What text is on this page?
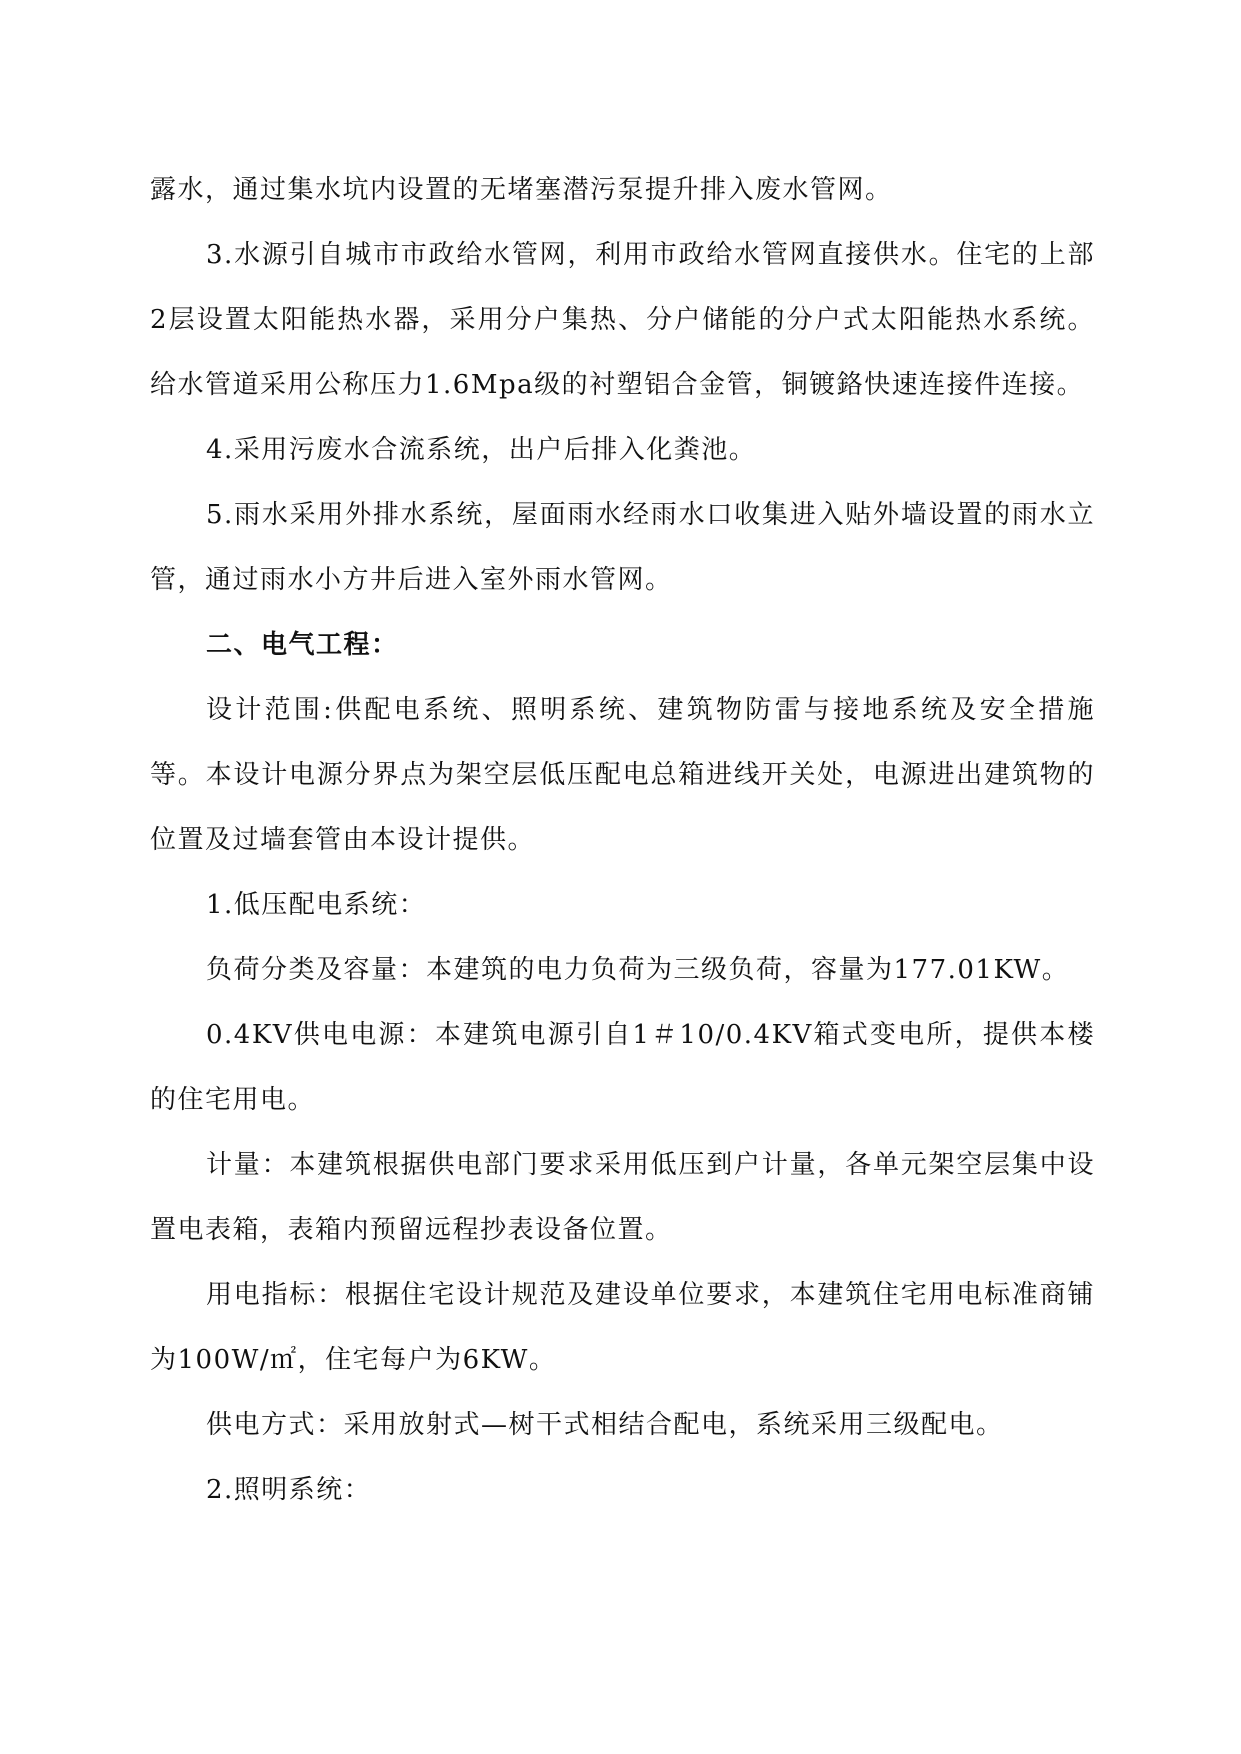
露水，通过集水坑内设置的无堵塞潜污泵提升排入废水管网。

3.水源引自城市市政给水管网，利用市政给水管网直接供水。住宅的上部2层设置太阳能热水器，采用分户集热、分户储能的分户式太阳能热水系统。给水管道采用公称压力1.6Mpa级的衬塑铝合金管，铜镀鉻快速连接件连接。

4.采用污废水合流系统，出户后排入化粪池。

5.雨水采用外排水系统，屋面雨水经雨水口收集进入贴外墙设置的雨水立管，通过雨水小方井后进入室外雨水管网。

二、电气工程：

设计范围:供配电系统、照明系统、建筑物防雷与接地系统及安全措施等。本设计电源分界点为架空层低压配电总箱进线开关处，电源进出建筑物的位置及过墙套管由本设计提供。

1.低压配电系统：

负荷分类及容量：本建筑的电力负荷为三级负荷，容量为177.01KW。

0.4KV供电电源：本建筑电源引自1＃10/0.4KV箱式变电所，提供本楼的住宅用电。

计量：本建筑根据供电部门要求采用低压到户计量，各单元架空层集中设置电表箱，表箱内预留远程抄表设备位置。

用电指标：根据住宅设计规范及建设单位要求，本建筑住宅用电标准商铺为100W/㎡，住宅每户为6KW。

供电方式：采用放射式—树干式相结合配电，系统采用三级配电。

2.照明系统：
